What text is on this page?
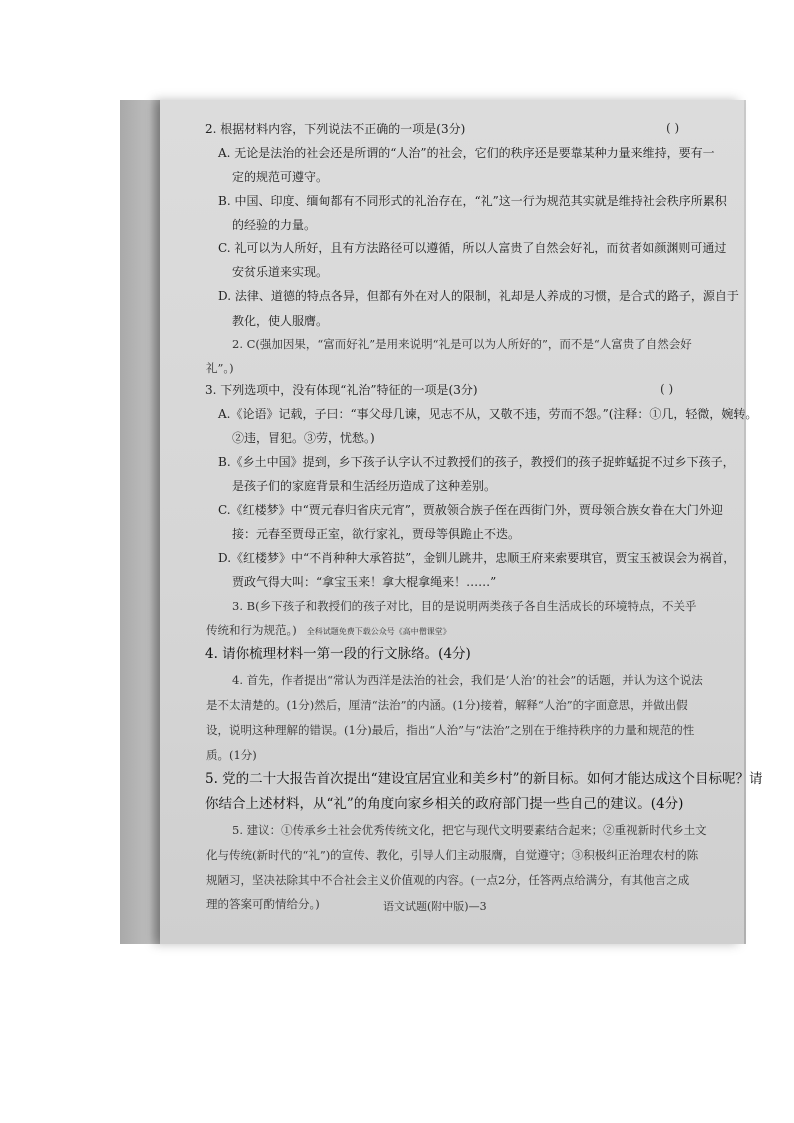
2. 根据材料内容，下列说法不正确的一项是(3分)	( )
A. 无论是法治的社会还是所谓的“人治”的社会，它们的秩序还是要靠某种力量来维持，要有一
定的规范可遵守。
B. 中国、印度、缅甸都有不同形式的礼治存在，“礼”这一行为规范其实就是维持社会秩序所累积
的经验的力量。
C. 礼可以为人所好，且有方法路径可以遵循，所以人富贵了自然会好礼，而贫者如颜渊则可通过
安贫乐道来实现。
D. 法律、道德的特点各异，但都有外在对人的限制，礼却是人养成的习惯，是合式的路子，源自于
教化，使人服膺。
2. C(强加因果，“富而好礼”是用来说明“礼是可以为人所好的”，而不是“人富贵了自然会好
礼”。)
3. 下列选项中，没有体现“礼治”特征的一项是(3分)	( )
A.《论语》记载，子曰：“事父母几谏，见志不从，又敬不违，劳而不怨。”(注释：①几，轻微，婉转。
②违，冒犯。③劳，忧愁。)
B.《乡土中国》提到，乡下孩子认字认不过教授们的孩子，教授们的孩子捉蚱蜢捉不过乡下孩子，
是孩子们的家庭背景和生活经历造成了这种差别。
C.《红楼梦》中“贾元春归省庆元宵”，贾赦领合族子侄在西街门外，贾母领合族女眷在大门外迎
接：元春至贾母正室，欲行家礼，贾母等俱跪止不迭。
D.《红楼梦》中“不肖种种大承笞挞”，金钏儿跳井，忠顺王府来索要琪官，贾宝玉被误会为祸首，
贾政气得大叫：“拿宝玉来！拿大棍拿绳来！……”
3. B(乡下孩子和教授们的孩子对比，目的是说明两类孩子各自生活成长的环境特点，不关乎
传统和行为规范。) 全科试题免费下载公众号《高中僧课堂》
4. 请你梳理材料一第一段的行文脉络。(4分)
4. 首先，作者提出“常认为西洋是法治的社会，我们是‘人治’的社会”的话题，并认为这个说法
是不太清楚的。(1分)然后，厘清“法治”的内涵。(1分)接着，解释“人治”的字面意思，并做出假
设，说明这种理解的错误。(1分)最后，指出“人治”与“法治”之别在于维持秩序的力量和规范的性
质。(1分)
5. 党的二十大报告首次提出“建设宜居宜业和美乡村”的新目标。如何才能达成这个目标呢？请
你结合上述材料，从“礼”的角度向家乡相关的政府部门提一些自己的建议。(4分)
5. 建议：①传承乡土社会优秀传统文化，把它与现代文明要素结合起来；②重视新时代乡土文
化与传统(新时代的“礼”)的宣传、教化，引导人们主动服膺，自觉遵守；③积极纠正治理农村的陈
规陋习，坚决祛除其中不合社会主义价值观的内容。(一点2分，任答两点给满分，有其他言之成
理的答案可酌情给分。)	语文试题(附中版)—3
